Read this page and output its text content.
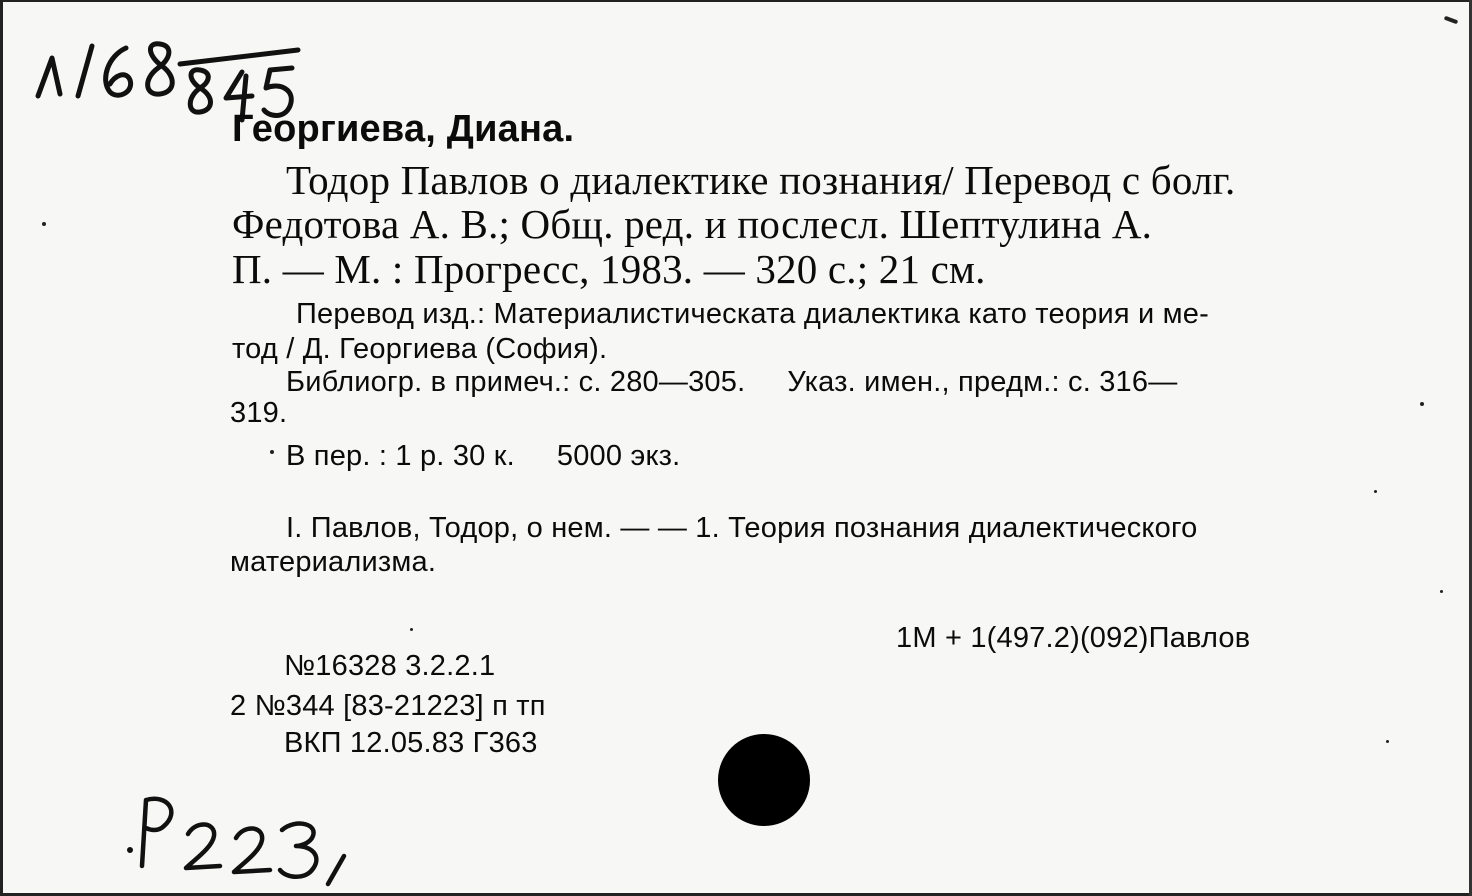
Георгиева, Диана.
Тодор Павлов о диалектике познания/ Перевод с болг.
Федотова А. В.; Общ. ред. и послесл. Шептулина А.
П. — М. : Прогресс, 1983. — 320 с.; 21 см.
Перевод изд.: Материалистическата диалектика като теория и ме-
тод / Д. Георгиева (София).
Библиогр. в примеч.: с. 280—305. Указ. имен., предм.: с. 316—
319.
В пер. : 1 р. 30 к. 5000 экз.
I. Павлов, Тодор, о нем. — — 1. Теория познания диалектического
материализма.
1М + 1(497.2)(092)Павлов
№16328 3.2.2.1
2 №344 [83-21223] п тп
ВКП 12.05.83 Г363
